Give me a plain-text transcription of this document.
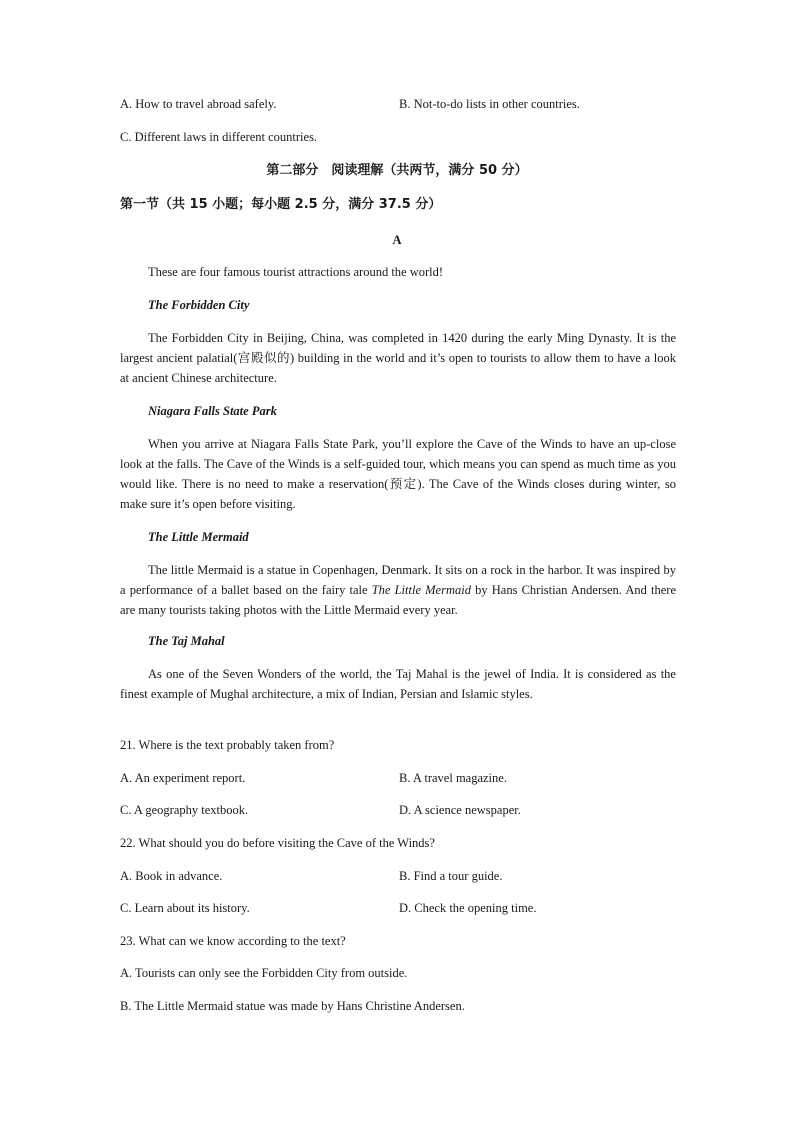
A. How to travel abroad safely.	B. Not-to-do lists in other countries.
C. Different laws in different countries.
第二部分　阅读理解（共两节，满分 50 分）
第一节（共 15 小题；每小题 2.5 分，满分 37.5 分）
A
These are four famous tourist attractions around the world!
The Forbidden City
The Forbidden City in Beijing, China, was completed in 1420 during the early Ming Dynasty. It is the largest ancient palatial(宫殿似的) building in the world and it’s open to tourists to allow them to have a look at ancient Chinese architecture.
Niagara Falls State Park
When you arrive at Niagara Falls State Park, you’ll explore the Cave of the Winds to have an up-close look at the falls. The Cave of the Winds is a self-guided tour, which means you can spend as much time as you would like. There is no need to make a reservation(预定). The Cave of the Winds closes during winter, so make sure it’s open before visiting.
The Little Mermaid
The little Mermaid is a statue in Copenhagen, Denmark. It sits on a rock in the harbor. It was inspired by a performance of a ballet based on the fairy tale The Little Mermaid by Hans Christian Andersen. And there are many tourists taking photos with the Little Mermaid every year.
The Taj Mahal
As one of the Seven Wonders of the world, the Taj Mahal is the jewel of India. It is considered as the finest example of Mughal architecture, a mix of Indian, Persian and Islamic styles.
21. Where is the text probably taken from?
A. An experiment report.	B. A travel magazine.
C. A geography textbook.	D. A science newspaper.
22. What should you do before visiting the Cave of the Winds?
A. Book in advance.	B. Find a tour guide.
C. Learn about its history.	D. Check the opening time.
23. What can we know according to the text?
A. Tourists can only see the Forbidden City from outside.
B. The Little Mermaid statue was made by Hans Christine Andersen.
